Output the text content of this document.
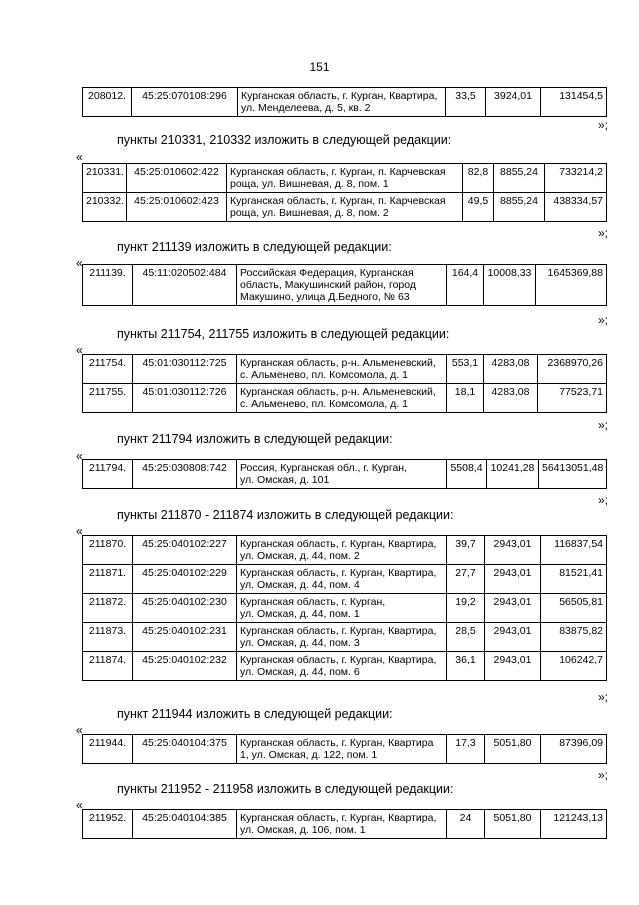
151
208012.	45:25:070108:296	Курганская область, г. Курган, Квартира,
ул. Менделеева, д. 5, кв. 2	33,5	3924,01	131454,5
»;
пункты 210331, 210332 изложить в следующей редакции:
«
210331.	45:25:010602:422	Курганская область, г. Курган, п. Карчевская
роща, ул. Вишневая, д. 8, пом. 1	82,8	8855,24	733214,2
210332.	45:25:010602:423	Курганская область, г. Курган, п. Карчевская
роща, ул. Вишневая, д. 8, пом. 2	49,5	8855,24	438334,57
»;
пункт 211139 изложить в следующей редакции:
«
211139.	45:11:020502:484	Российская Федерация, Курганская
область, Макушинский район, город
Макушино, улица Д.Бедного, № 63	164,4	10008,33	1645369,88
»;
пункты 211754, 211755 изложить в следующей редакции:
«
211754.	45:01:030112:725	Курганская область, р-н. Альменевский,
с. Альменево, пл. Комсомола, д. 1	553,1	4283,08	2368970,26
211755.	45:01:030112:726	Курганская область, р-н. Альменевский,
с. Альменево, пл. Комсомола, д. 1	18,1	4283,08	77523,71
»;
пункт 211794 изложить в следующей редакции:
«
211794.	45:25:030808:742	Россия, Курганская обл., г. Курган,
ул. Омская, д. 101	5508,4	10241,28	56413051,48
»;
пункты 211870 - 211874 изложить в следующей редакции:
«
211870.	45:25:040102:227	Курганская область, г. Курган, Квартира,
ул. Омская, д. 44, пом. 2	39,7	2943,01	116837,54
211871.	45:25:040102:229	Курганская область, г. Курган, Квартира,
ул. Омская, д. 44, пом. 4	27,7	2943,01	81521,41
211872.	45:25:040102:230	Курганская область, г. Курган,
ул. Омская, д. 44, пом. 1	19,2	2943,01	56505,81
211873.	45:25:040102:231	Курганская область, г. Курган, Квартира,
ул. Омская, д. 44, пом. 3	28,5	2943,01	83875,82
211874.	45:25:040102:232	Курганская область, г. Курган, Квартира,
ул. Омская, д. 44, пом. 6	36,1	2943,01	106242,7
»;
пункт 211944 изложить в следующей редакции:
«
211944.	45:25:040104:375	Курганская область, г. Курган, Квартира
1, ул. Омская, д. 122, пом. 1	17,3	5051,80	87396,09
»;
пункты 211952 - 211958 изложить в следующей редакции:
«
211952.	45:25:040104:385	Курганская область, г. Курган, Квартира,
ул. Омская, д. 106, пом. 1	24	5051,80	121243,13
